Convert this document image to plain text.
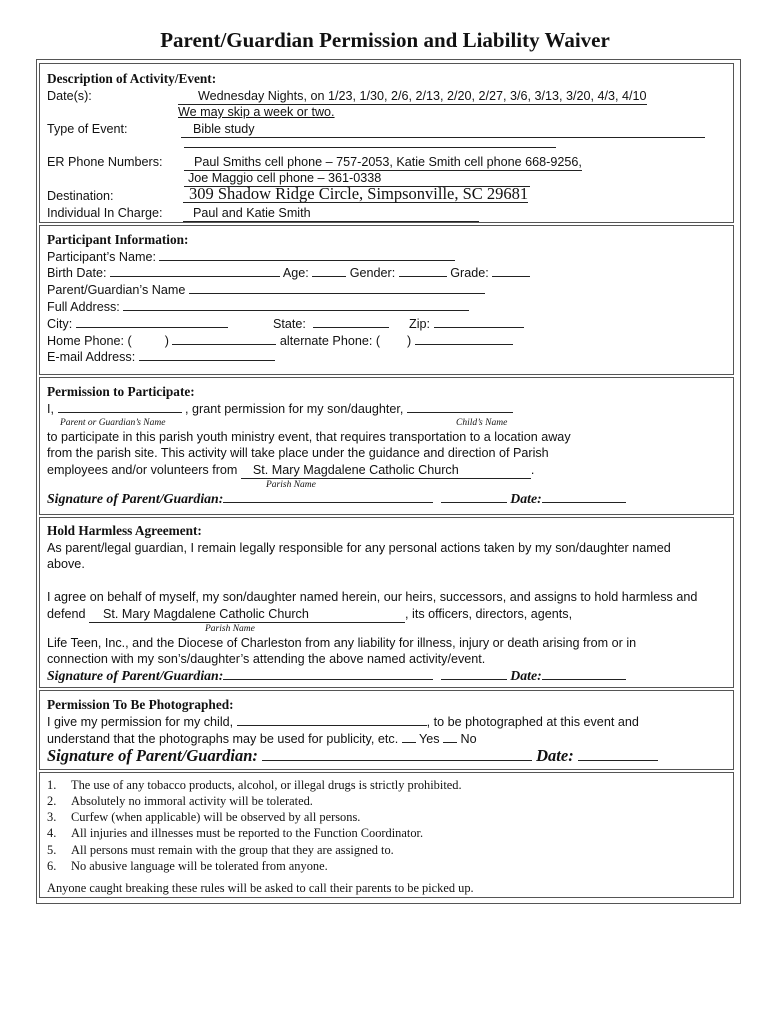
Parent/Guardian Permission and Liability Waiver
Description of Activity/Event:
Date(s):	Wednesday Nights, on 1/23, 1/30, 2/6, 2/13, 2/20, 2/27, 3/6, 3/13, 3/20, 4/3, 4/10
We may skip a week or two.
Type of Event:	Bible study
ER Phone Numbers:	Paul Smiths cell phone – 757-2053, Katie Smith cell phone 668-9256,
Joe Maggio cell phone – 361-0338
Destination:	309 Shadow Ridge Circle, Simpsonville, SC 29681
Individual In Charge:	Paul and Katie Smith
Participant Information:
Participant’s Name:
Birth Date:	Age:	Gender:	Grade:
Parent/Guardian’s Name
Full Address:
City:	State:	Zip:
Home Phone: (	)	alternate Phone: ( )
E-mail Address:
Permission to Participate:
I,	, grant permission for my son/daughter,
Parent or Guardian’s Name	Child’s Name
to participate in this parish youth ministry event, that requires transportation to a location away
from the parish site. This activity will take place under the guidance and direction of Parish
employees and/or volunteers from St. Mary Magdalene Catholic Church	.
Parish Name
Signature of Parent/Guardian:	Date:
Hold Harmless Agreement:
As parent/legal guardian, I remain legally responsible for any personal actions taken by my son/daughter named
above.
I agree on behalf of myself, my son/daughter named herein, our heirs, successors, and assigns to hold harmless and
defend St. Mary Magdalene Catholic Church	, its officers, directors, agents,
Parish Name
Life Teen, Inc., and the Diocese of Charleston from any liability for illness, injury or death arising from or in
connection with my son’s/daughter’s attending the above named activity/event.
Signature of Parent/Guardian:	Date:
Permission To Be Photographed:
I give my permission for my child,	, to be photographed at this event and
understand that the photographs may be used for publicity, etc. Yes No
Signature of Parent/Guardian:	Date:
1. The use of any tobacco products, alcohol, or illegal drugs is strictly prohibited.
2. Absolutely no immoral activity will be tolerated.
3. Curfew (when applicable) will be observed by all persons.
4. All injuries and illnesses must be reported to the Function Coordinator.
5. All persons must remain with the group that they are assigned to.
6. No abusive language will be tolerated from anyone.
Anyone caught breaking these rules will be asked to call their parents to be picked up.
